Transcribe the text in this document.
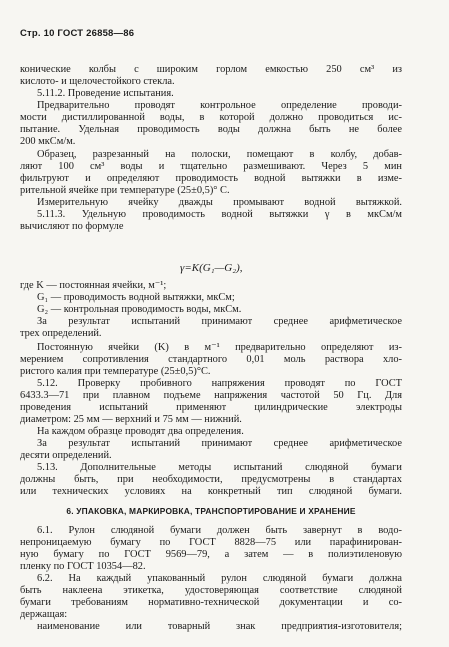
Стр. 10 ГОСТ 26858—86
конические колбы с широким горлом емкостью 250 см³ из
кислото- и щелочестойкого стекла.
5.11.2. Проведение испытания.
Предварительно проводят контрольное определение проводи-
мости дистиллированной воды, в которой должно проводиться ис-
пытание. Удельная проводимость воды должна быть не более
200 мкСм/м.
Образец, разрезанный на полоски, помещают в колбу, добав-
ляют 100 см³ воды и тщательно размешивают. Через 5 мин
фильтруют и определяют проводимость водной вытяжки в изме-
рительной ячейке при температуре (25±0,5)° С.
Измерительную ячейку дважды промывают водной вытяжкой.
5.11.3. Удельную проводимость водной вытяжки γ в мкСм/м
вычисляют по формуле
γ=K(G₁—G₂),
где K — постоянная ячейки, м⁻¹;
G₁ — проводимость водной вытяжки, мкСм;
G₂ — контрольная проводимость воды, мкСм.
За результат испытаний принимают среднее арифметическое
трех определений.
Постоянную ячейки (K) в м⁻¹ предварительно определяют из-
мерением сопротивления стандартного 0,01 моль раствора хло-
ристого калия при температуре (25±0,5)°С.
5.12. Проверку пробивного напряжения проводят по ГОСТ
6433.3—71 при плавном подъеме напряжения частотой 50 Гц. Для
проведения испытаний применяют цилиндрические электроды
диаметром: 25 мм — верхний и 75 мм — нижний.
На каждом образце проводят два определения.
За результат испытаний принимают среднее арифметическое
десяти определений.
5.13. Дополнительные методы испытаний слюдяной бумаги
должны быть, при необходимости, предусмотрены в стандартах
или технических условиях на конкретный тип слюдяной бумаги.
6. УПАКОВКА, МАРКИРОВКА, ТРАНСПОРТИРОВАНИЕ И ХРАНЕНИЕ
6.1. Рулон слюдяной бумаги должен быть завернут в водо-
непроницаемую бумагу по ГОСТ 8828—75 или парафинирован-
ную бумагу по ГОСТ 9569—79, а затем — в полиэтиленовую
пленку по ГОСТ 10354—82.
6.2. На каждый упакованный рулон слюдяной бумаги должна
быть наклеена этикетка, удостоверяющая соответствие слюдяной
бумаги требованиям нормативно-технической документации и со-
держащая:
наименование или товарный знак предприятия-изготовителя;
